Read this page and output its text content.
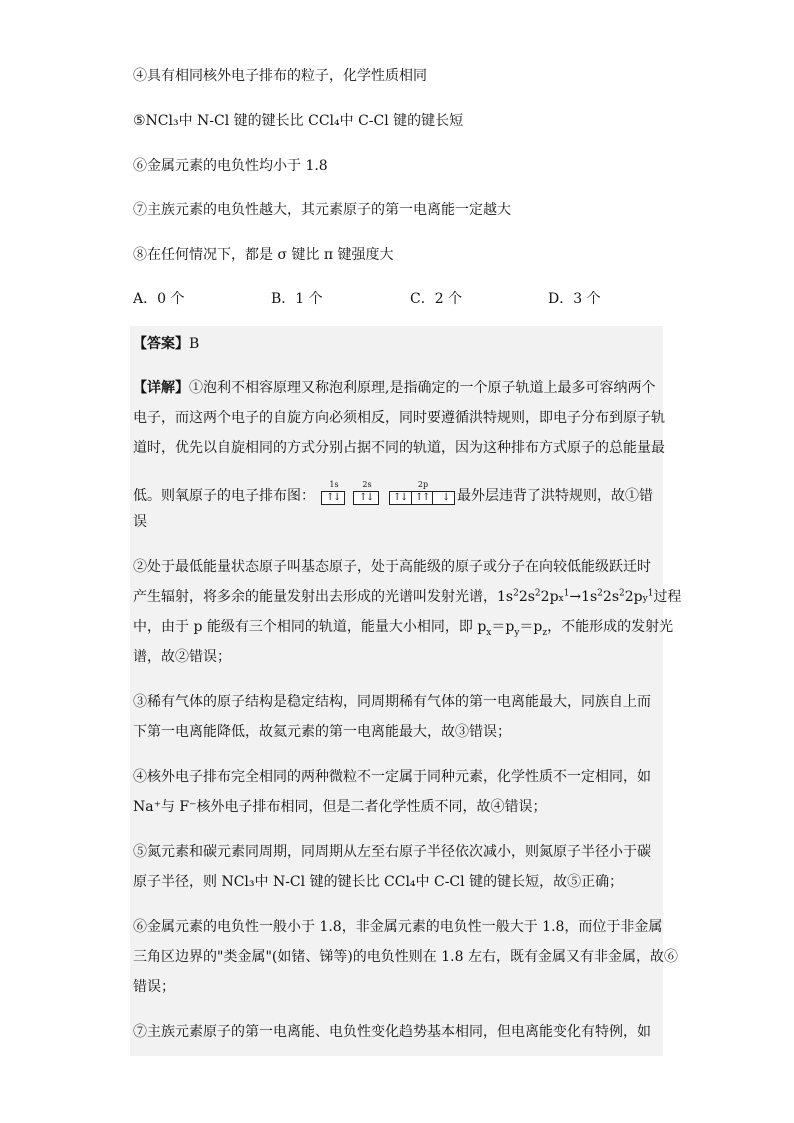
④具有相同核外电子排布的粒子，化学性质相同
⑤NCl₃中 N-Cl 键的键长比 CCl₄中 C-Cl 键的键长短
⑥金属元素的电负性均小于 1.8
⑦主族元素的电负性越大，其元素原子的第一电离能一定越大
⑧在任何情况下，都是 σ 键比 π 键强度大
A．0 个	B．1 个	C．2 个	D．3 个
【答案】B
【详解】①泡利不相容原理又称泡利原理,是指确定的一个原子轨道上最多可容纳两个
电子，而这两个电子的自旋方向必须相反，同时要遵循洪特规则，即电子分布到原子轨
道时，优先以自旋相同的方式分别占据不同的轨道，因为这种排布方式原子的总能量最
低。则氧原子的电子排布图：
1s	2s	2p
↑
↓ ↑
↓ ↑
↓ ↑
↑ ↓ 最外层违背了洪特规则，故①错
误
②处于最低能量状态原子叫基态原子，处于高能级的原子或分子在向较低能级跃迁时
产生辐射，将多余的能量发射出去形成的光谱叫发射光谱，$1s^22s^22px^1\to 1s^22s^22py^1$过程
中，由于 p 能级有三个相同的轨道，能量大小相同，即 $p_x=p_y=p_z$，不能形成的发射光
谱，故②错误；
③稀有气体的原子结构是稳定结构，同周期稀有气体的第一电离能最大，同族自上而
下第一电离能降低，故氦元素的第一电离能最大，故③错误；
④核外电子排布完全相同的两种微粒不一定属于同种元素，化学性质不一定相同，如
Na⁺与 F⁻核外电子排布相同，但是二者化学性质不同，故④错误；
⑤氮元素和碳元素同周期，同周期从左至右原子半径依次减小，则氮原子半径小于碳
原子半径，则 NCl₃中 N-Cl 键的键长比 CCl₄中 C-Cl 键的键长短，故⑤正确；
⑥金属元素的电负性一般小于 1.8，非金属元素的电负性一般大于 1.8，而位于非金属
三角区边界的"类金属"(如锗、锑等)的电负性则在 1.8 左右，既有金属又有非金属，故⑥
错误；
⑦主族元素原子的第一电离能、电负性变化趋势基本相同，但电离能变化有特例，如
